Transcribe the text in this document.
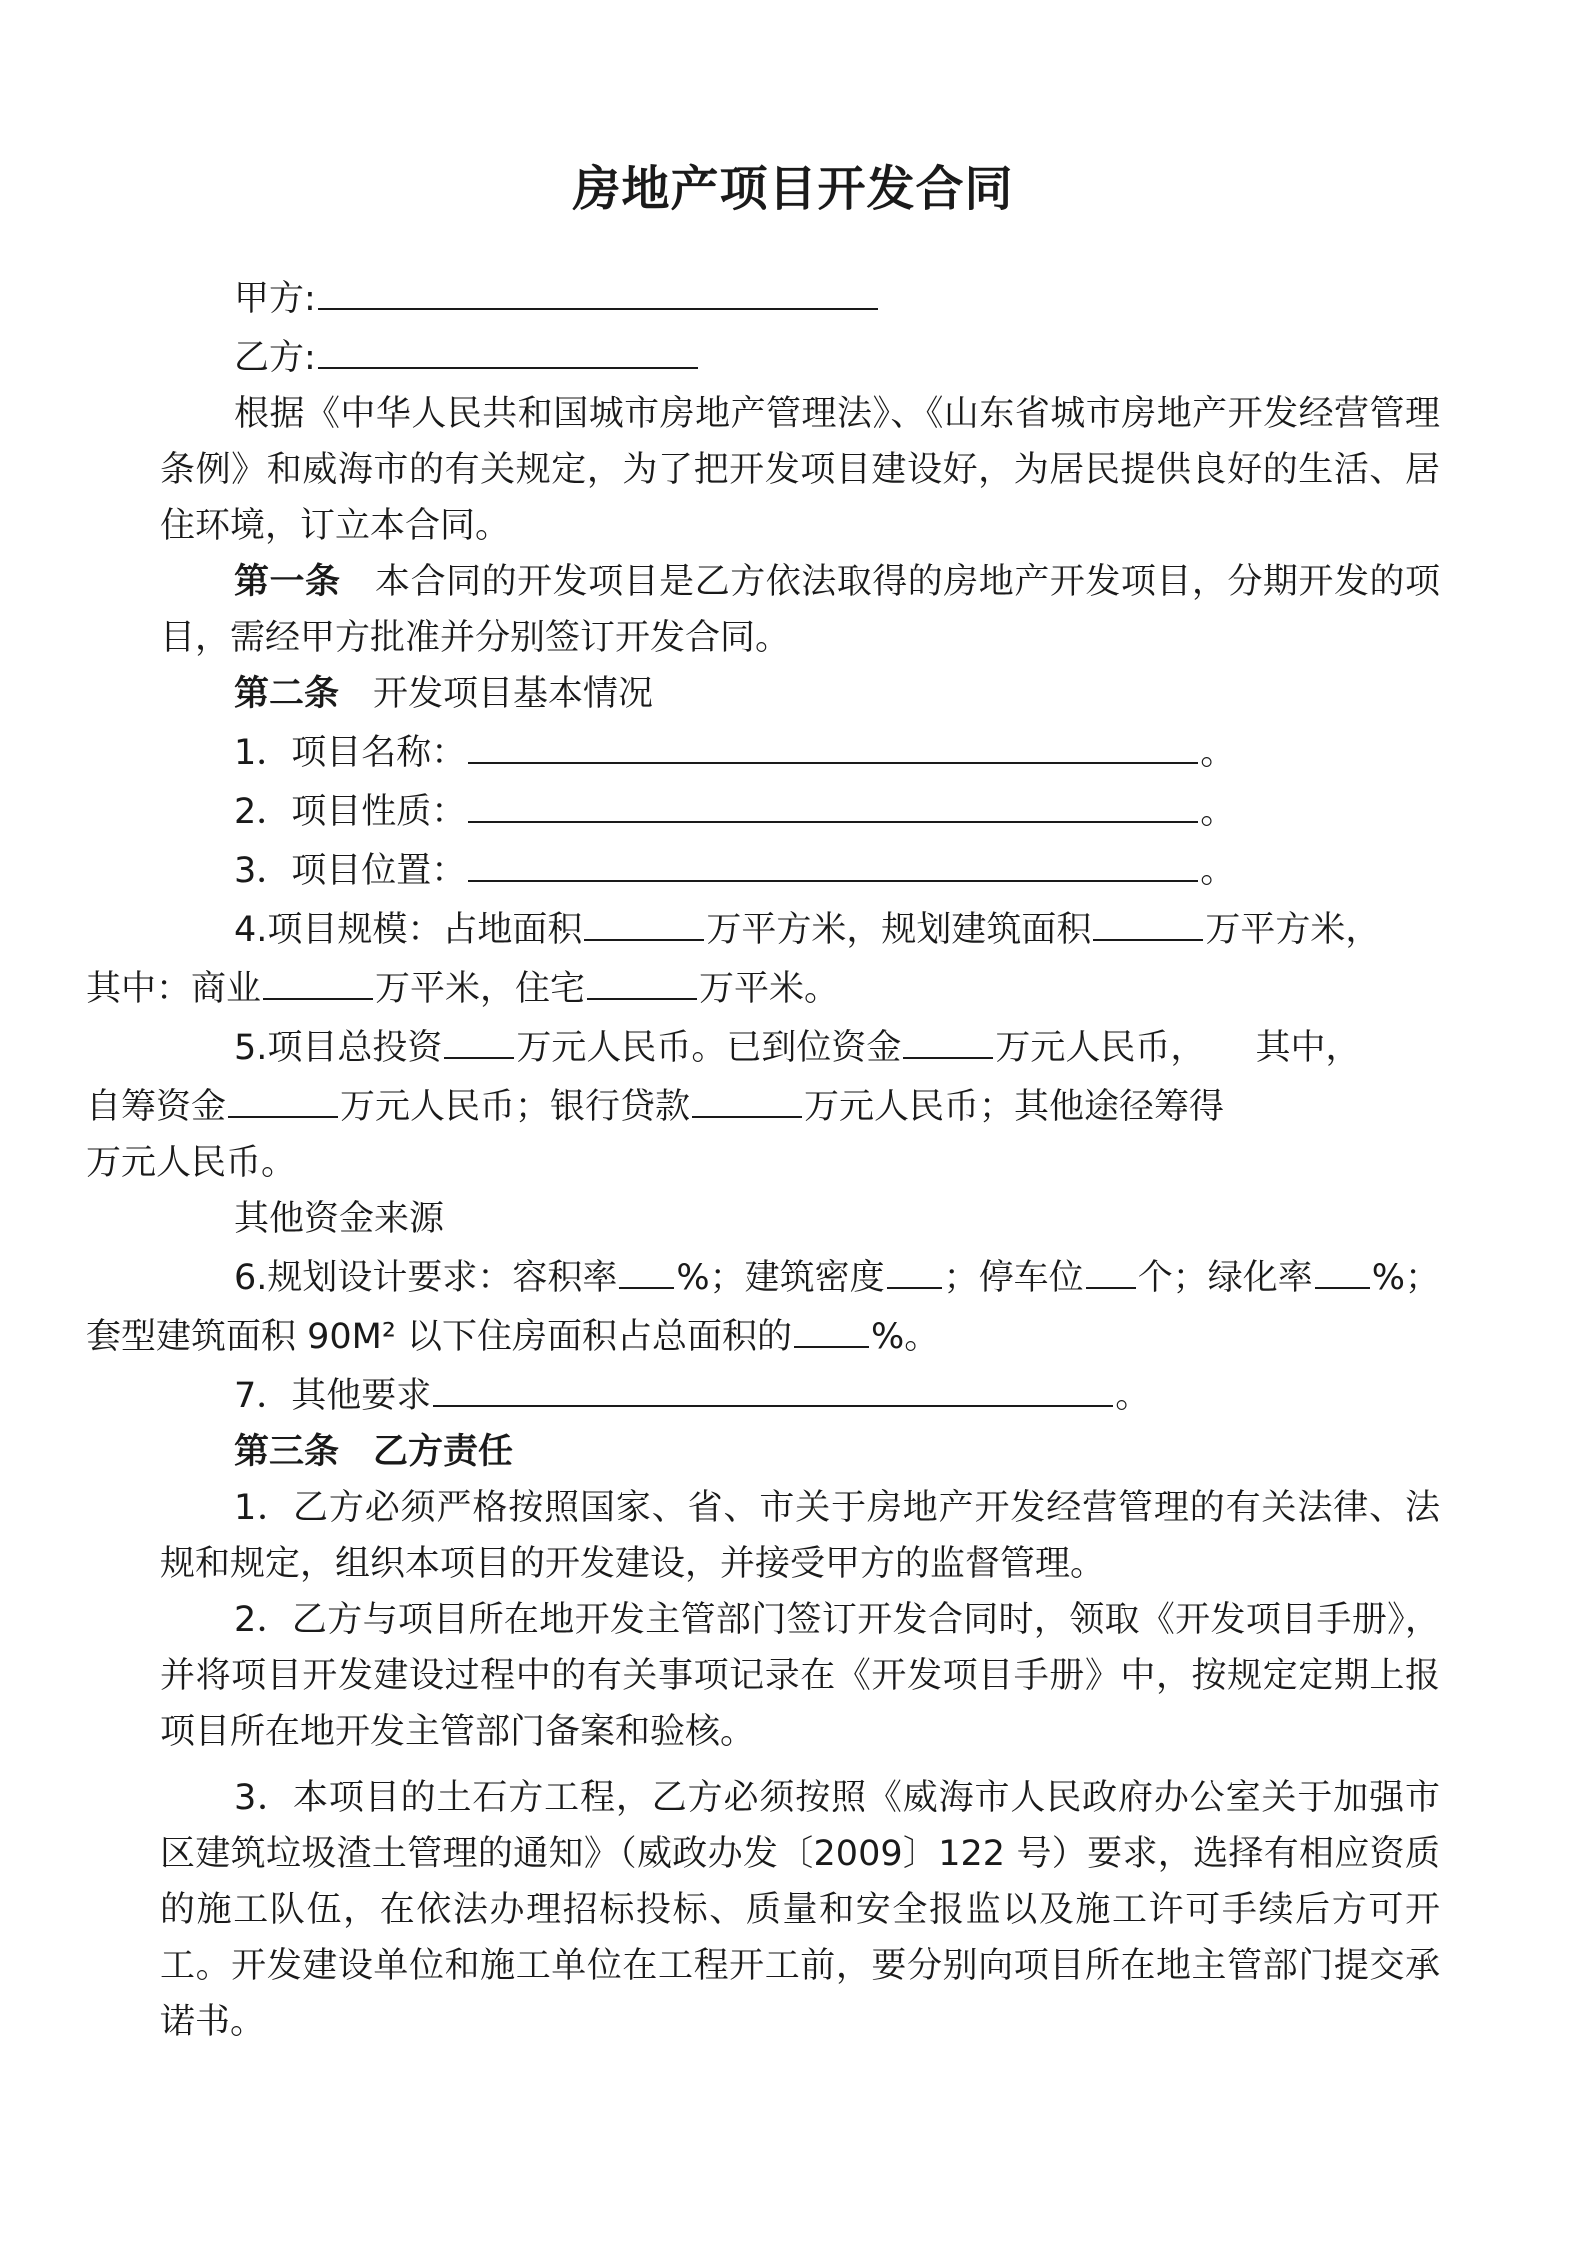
房地产项目开发合同

甲方:

乙方:

根据《中华人民共和国城市房地产管理法》、《山东省城市房地产开发经营管理条例》和威海市的有关规定，为了把开发项目建设好，为居民提供良好的生活、居住环境，订立本合同。

第一条 本合同的开发项目是乙方依法取得的房地产开发项目，分期开发的项目，需经甲方批准并分别签订开发合同。

第二条 开发项目基本情况

1．项目名称：	。

2．项目性质：	。

3．项目位置：	。

4.项目规模：占地面积	万平方米，规划建筑面积	万平方米，
其中：商业	万平米，住宅	万平米。

5.项目总投资 万元人民币。已到位资金	万元人民币， 其中，
自筹资金	万元人民币；银行贷款	万元人民币；其他途径筹得
万元人民币。

其他资金来源

6.规划设计要求：容积率 %；建筑密度 ；停车位 个；绿化率 %；
套型建筑面积 90M² 以下住房面积占总面积的 %。

7．其他要求	。

第三条 乙方责任

1．乙方必须严格按照国家、省、市关于房地产开发经营管理的有关法律、法规和规定，组织本项目的开发建设，并接受甲方的监督管理。

2．乙方与项目所在地开发主管部门签订开发合同时，领取《开发项目手册》，并将项目开发建设过程中的有关事项记录在《开发项目手册》中，按规定定期上报项目所在地开发主管部门备案和验核。

3．本项目的土石方工程，乙方必须按照《威海市人民政府办公室关于加强市区建筑垃圾渣土管理的通知》（威政办发〔2009〕122 号）要求，选择有相应资质的施工队伍，在依法办理招标投标、质量和安全报监以及施工许可手续后方可开工。开发建设单位和施工单位在工程开工前，要分别向项目所在地主管部门提交承诺书。
